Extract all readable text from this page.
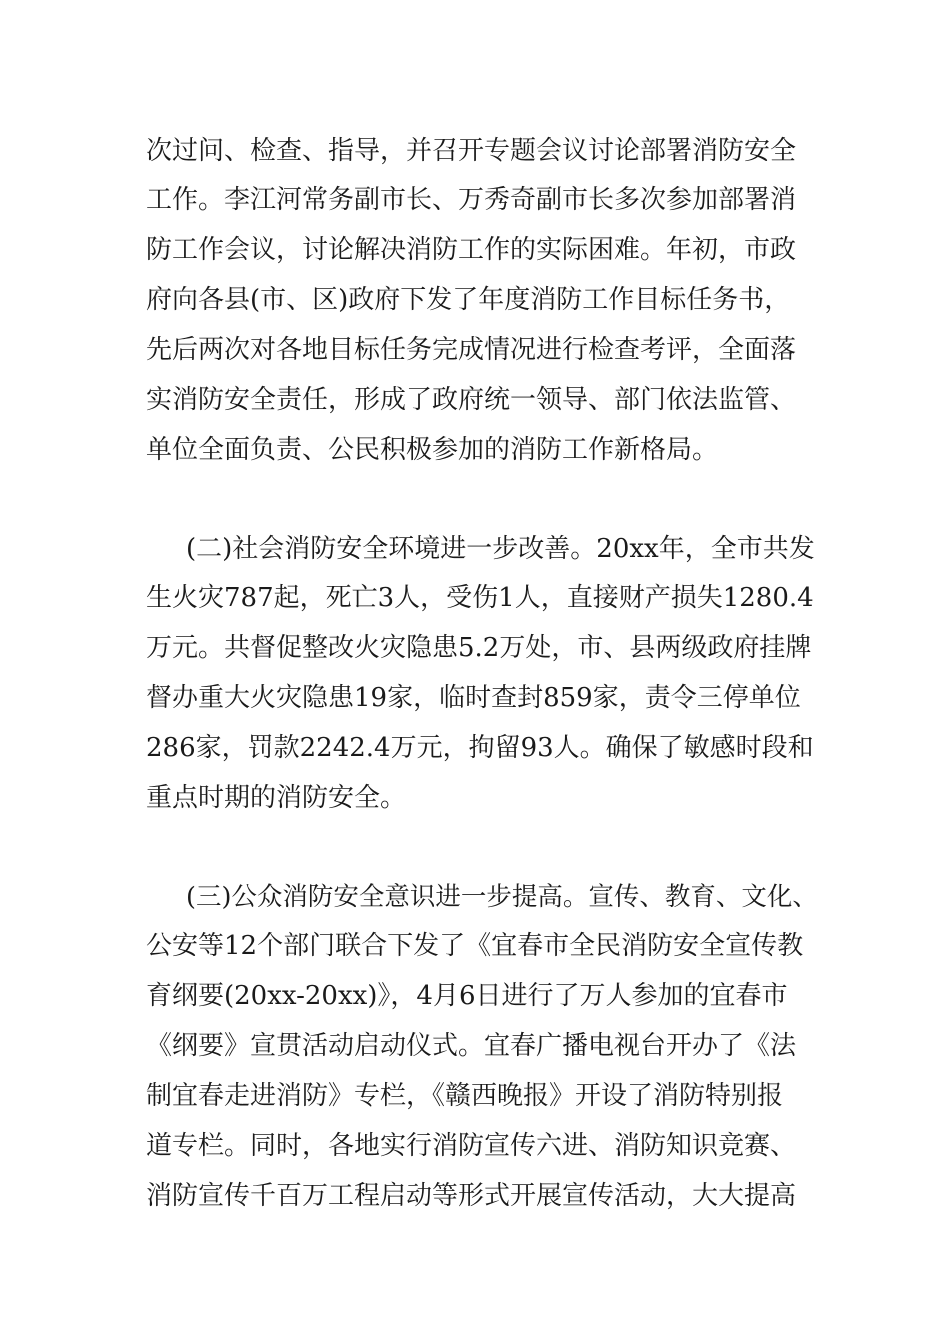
次过问、检查、指导，并召开专题会议讨论部署消防安全
工作。李江河常务副市长、万秀奇副市长多次参加部署消
防工作会议，讨论解决消防工作的实际困难。年初，市政
府向各县(市、区)政府下发了年度消防工作目标任务书，
先后两次对各地目标任务完成情况进行检查考评，全面落
实消防安全责任，形成了政府统一领导、部门依法监管、
单位全面负责、公民积极参加的消防工作新格局。
(二)社会消防安全环境进一步改善。20xx年，全市共发
生火灾787起，死亡3人，受伤1人，直接财产损失1280.4
万元。共督促整改火灾隐患5.2万处，市、县两级政府挂牌
督办重大火灾隐患19家，临时查封859家，责令三停单位
286家，罚款2242.4万元，拘留93人。确保了敏感时段和
重点时期的消防安全。
(三)公众消防安全意识进一步提高。宣传、教育、文化、
公安等12个部门联合下发了《宜春市全民消防安全宣传教
育纲要(20xx-20xx)》，4月6日进行了万人参加的宜春市
《纲要》宣贯活动启动仪式。宜春广播电视台开办了《法
制宜春走进消防》专栏，《赣西晚报》开设了消防特别报
道专栏。同时，各地实行消防宣传六进、消防知识竞赛、
消防宣传千百万工程启动等形式开展宣传活动，大大提高
